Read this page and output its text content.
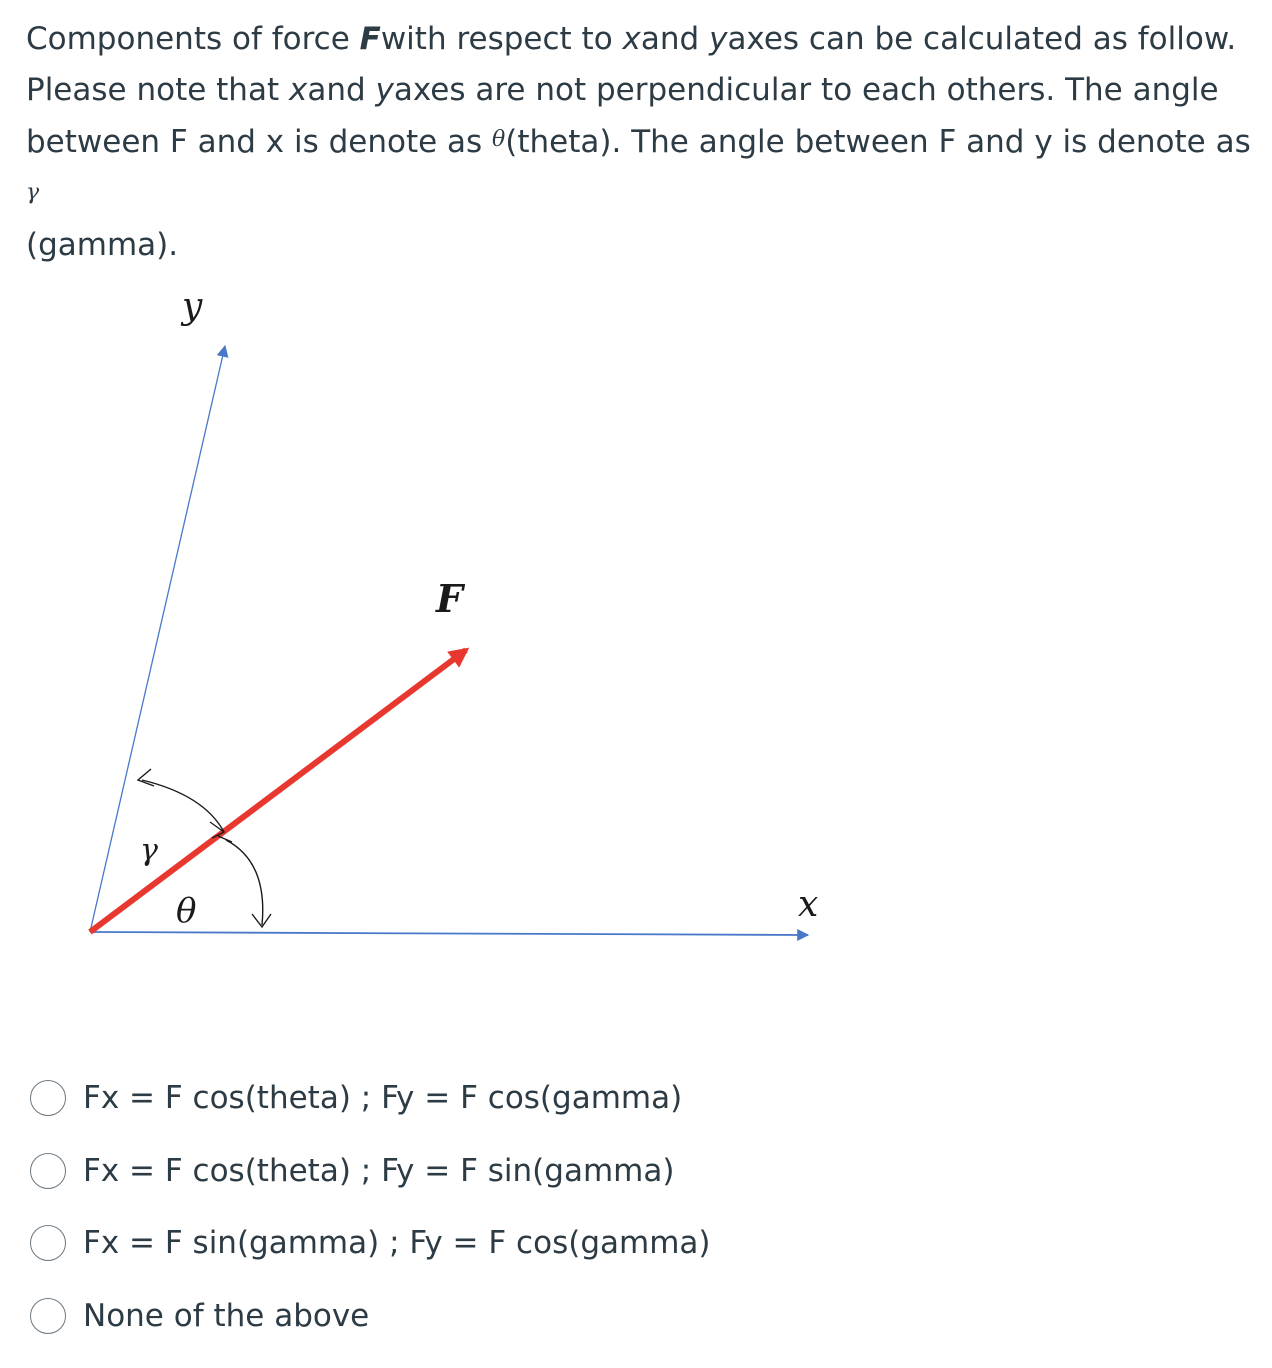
Components of force Fwith respect to xand yaxes can be calculated as follow. Please note that xand yaxes are not perpendicular to each others. The angle between F and x is denote as θ(theta). The angle between F and y is denote as γ
(gamma).

y
F
γ
θ	x
Fx = F cos(theta) ; Fy = F cos(gamma)
Fx = F cos(theta) ; Fy = F sin(gamma)
Fx = F sin(gamma) ; Fy = F cos(gamma)
None of the above
